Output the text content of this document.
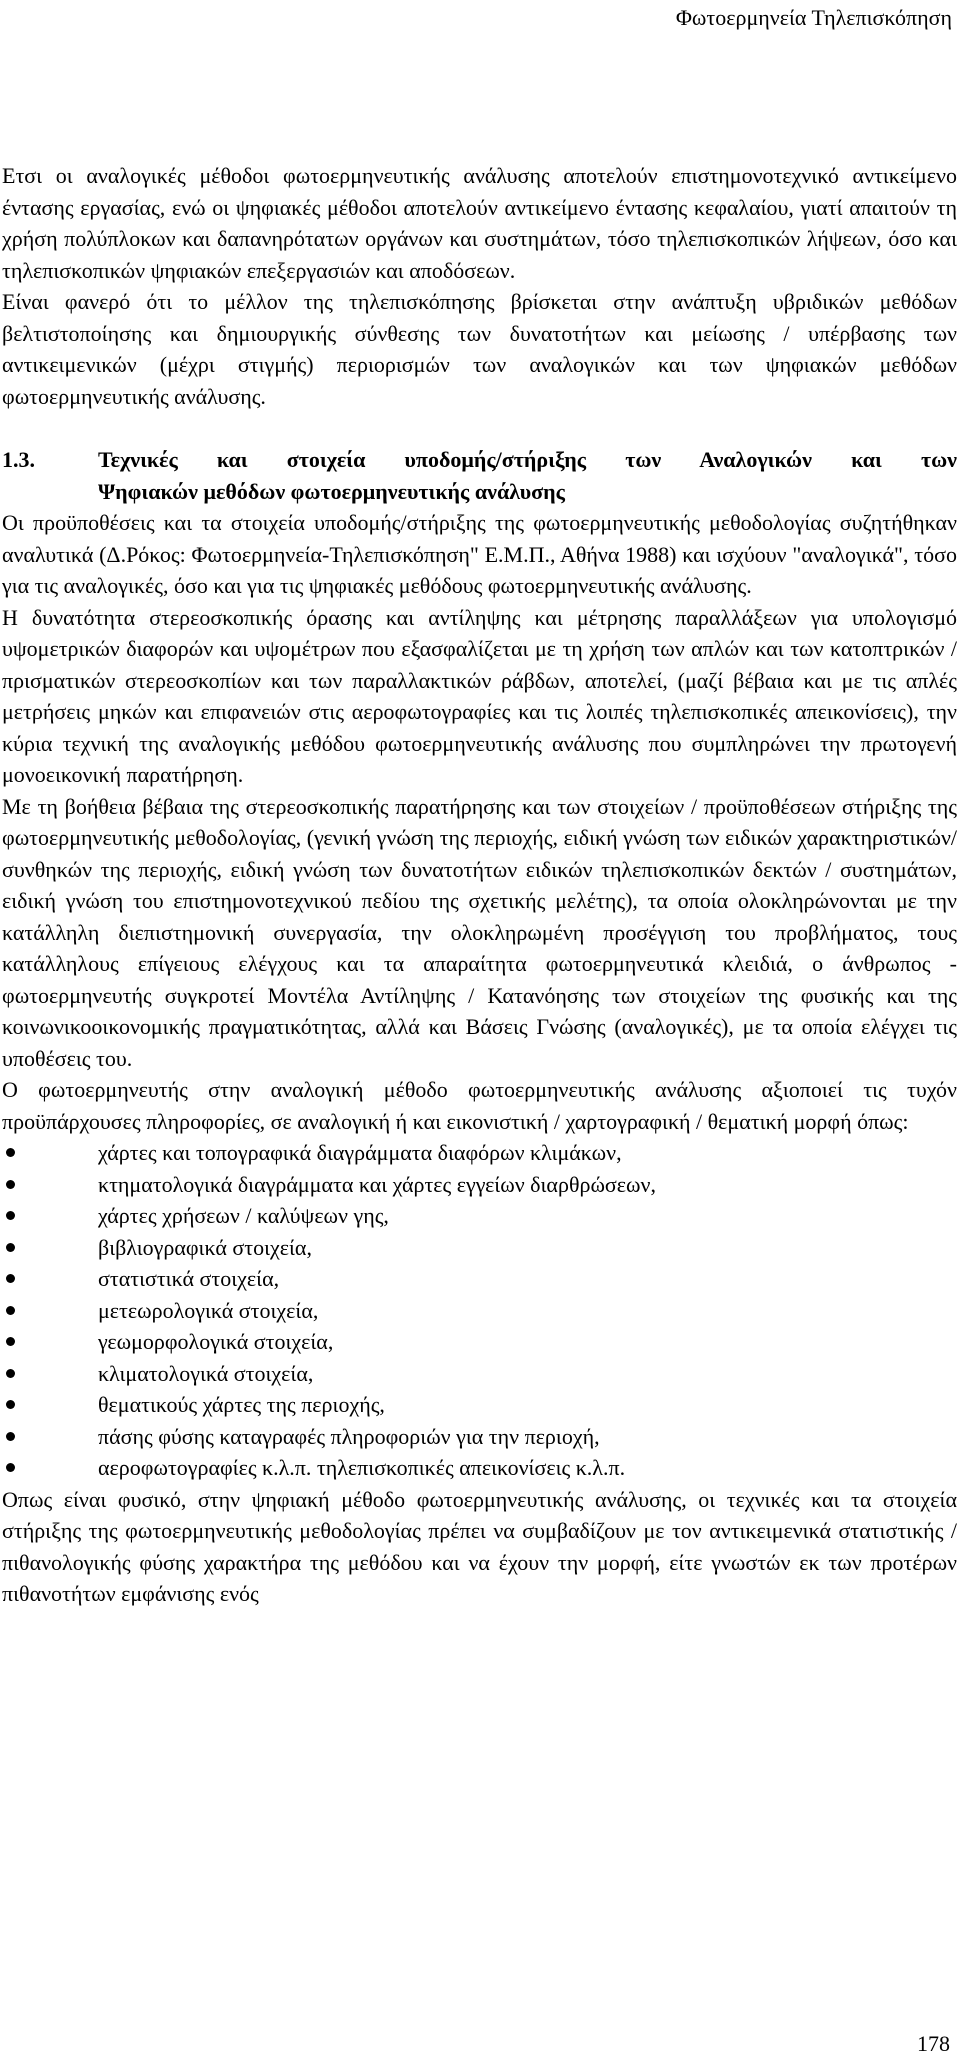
Φωτοερμηνεία Τηλεπισκόπηση

Ετσι οι αναλογικές μέθοδοι φωτοερμηνευτικής ανάλυσης αποτελούν επιστημονοτεχνικό αντικείμενο έντασης εργασίας, ενώ οι ψηφιακές μέθοδοι αποτελούν αντικείμενο έντασης κεφαλαίου, γιατί απαιτούν τη χρήση πολύπλοκων και δαπανηρότατων οργάνων και συστημάτων, τόσο τηλεπισκοπικών λήψεων, όσο και τηλεπισκοπικών ψηφιακών επεξεργασιών και αποδόσεων.

Είναι φανερό ότι το μέλλον της τηλεπισκόπησης βρίσκεται στην ανάπτυξη υβριδικών μεθόδων βελτιστοποίησης και δημιουργικής σύνθεσης των δυνατοτήτων και μείωσης / υπέρβασης των αντικειμενικών (μέχρι στιγμής) περιορισμών των αναλογικών και των ψηφιακών μεθόδων φωτοερμηνευτικής ανάλυσης.

1.3.	Τεχνικές και στοιχεία υποδομής/στήριξης των Αναλογικών και των
Ψηφιακών μεθόδων φωτοερμηνευτικής ανάλυσης

Οι προϋποθέσεις και τα στοιχεία υποδομής/στήριξης της φωτοερμηνευτικής μεθοδολογίας συζητήθηκαν αναλυτικά (Δ.Ρόκος: Φωτοερμηνεία-Τηλεπισκόπηση" Ε.Μ.Π., Αθήνα 1988) και ισχύουν "αναλογικά", τόσο για τις αναλογικές, όσο και για τις ψηφιακές μεθόδους φωτοερμηνευτικής ανάλυσης.

Η δυνατότητα στερεοσκοπικής όρασης και αντίληψης και μέτρησης παραλλάξεων για υπολογισμό υψομετρικών διαφορών και υψομέτρων που εξασφαλίζεται με τη χρήση των απλών και των κατοπτρικών / πρισματικών στερεοσκοπίων και των παραλλακτικών ράβδων, αποτελεί, (μαζί βέβαια και με τις απλές μετρήσεις μηκών και επιφανειών στις αεροφωτογραφίες και τις λοιπές τηλεπισκοπικές απεικονίσεις), την κύρια τεχνική της αναλογικής μεθόδου φωτοερμηνευτικής ανάλυσης που συμπληρώνει την πρωτογενή μονοεικονική παρατήρηση.

Με τη βοήθεια βέβαια της στερεοσκοπικής παρατήρησης και των στοιχείων / προϋποθέσεων στήριξης της φωτοερμηνευτικής μεθοδολογίας, (γενική γνώση της περιοχής, ειδική γνώση των ειδικών χαρακτηριστικών/συνθηκών της περιοχής, ειδική γνώση των δυνατοτήτων ειδικών τηλεπισκοπικών δεκτών / συστημάτων, ειδική γνώση του επιστημονοτεχνικού πεδίου της σχετικής μελέτης), τα οποία ολοκληρώνονται με την κατάλληλη διεπιστημονική συνεργασία, την ολοκληρωμένη προσέγγιση του προβλήματος, τους κατάλληλους επίγειους ελέγχους και τα απαραίτητα φωτοερμηνευτικά κλειδιά, ο άνθρωπος - φωτοερμηνευτής συγκροτεί Μοντέλα Αντίληψης / Κατανόησης των στοιχείων της φυσικής και της κοινωνικοοικονομικής πραγματικότητας, αλλά και Βάσεις Γνώσης (αναλογικές), με τα οποία ελέγχει τις υποθέσεις του.

Ο φωτοερμηνευτής στην αναλογική μέθοδο φωτοερμηνευτικής ανάλυσης αξιοποιεί τις τυχόν προϋπάρχουσες πληροφορίες, σε αναλογική ή και εικονιστική / χαρτογραφική / θεματική μορφή όπως:

χάρτες και τοπογραφικά διαγράμματα διαφόρων κλιμάκων,
κτηματολογικά διαγράμματα και χάρτες εγγείων διαρθρώσεων,
χάρτες χρήσεων / καλύψεων γης,
βιβλιογραφικά στοιχεία,
στατιστικά στοιχεία,
μετεωρολογικά στοιχεία,
γεωμορφολογικά στοιχεία,
κλιματολογικά στοιχεία,
θεματικούς χάρτες της περιοχής,
πάσης φύσης καταγραφές πληροφοριών για την περιοχή,
αεροφωτογραφίες κ.λ.π. τηλεπισκοπικές απεικονίσεις κ.λ.π.

Οπως είναι φυσικό, στην ψηφιακή μέθοδο φωτοερμηνευτικής ανάλυσης, οι τεχνικές και τα στοιχεία στήριξης της φωτοερμηνευτικής μεθοδολογίας πρέπει να συμβαδίζουν με τον αντικειμενικά στατιστικής / πιθανολογικής φύσης χαρακτήρα της μεθόδου και να έχουν την μορφή, είτε γνωστών εκ των προτέρων πιθανοτήτων εμφάνισης ενός

178
